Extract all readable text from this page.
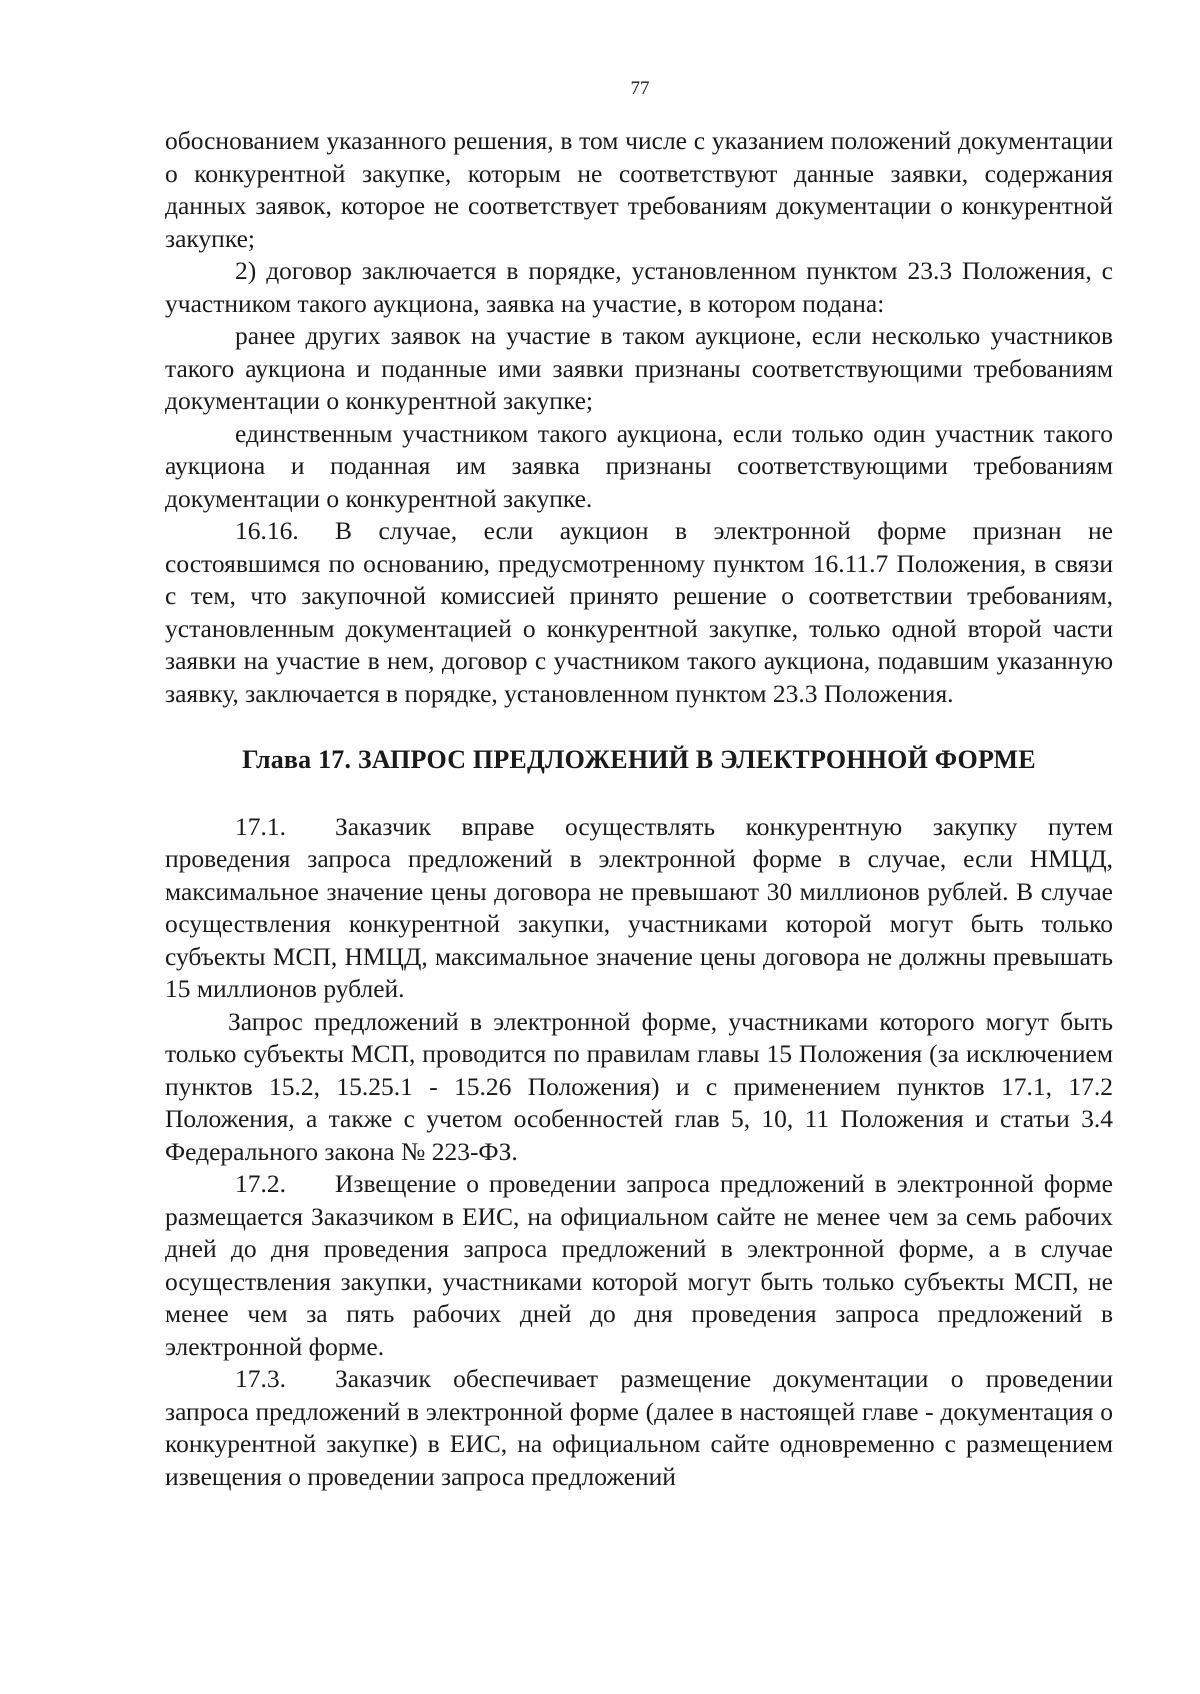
77

обоснованием указанного решения, в том числе с указанием положений документации о конкурентной закупке, которым не соответствуют данные заявки, содержания данных заявок, которое не соответствует требованиям документации о конкурентной закупке;

2) договор заключается в порядке, установленном пунктом 23.3 Положения, с участником такого аукциона, заявка на участие, в котором подана:

ранее других заявок на участие в таком аукционе, если несколько участников такого аукциона и поданные ими заявки признаны соответствующими требованиям документации о конкурентной закупке;

единственным участником такого аукциона, если только один участник такого аукциона и поданная им заявка признаны соответствующими требованиям документации о конкурентной закупке.

16.16. В случае, если аукцион в электронной форме признан не состоявшимся по основанию, предусмотренному пунктом 16.11.7 Положения, в связи с тем, что закупочной комиссией принято решение о соответствии требованиям, установленным документацией о конкурентной закупке, только одной второй части заявки на участие в нем, договор с участником такого аукциона, подавшим указанную заявку, заключается в порядке, установленном пунктом 23.3 Положения.

Глава 17. ЗАПРОС ПРЕДЛОЖЕНИЙ В ЭЛЕКТРОННОЙ ФОРМЕ

17.1. Заказчик вправе осуществлять конкурентную закупку путем проведения запроса предложений в электронной форме в случае, если НМЦД, максимальное значение цены договора не превышают 30 миллионов рублей. В случае осуществления конкурентной закупки, участниками которой могут быть только субъекты МСП, НМЦД, максимальное значение цены договора не должны превышать 15 миллионов рублей.

Запрос предложений в электронной форме, участниками которого могут быть только субъекты МСП, проводится по правилам главы 15 Положения (за исключением пунктов 15.2, 15.25.1 - 15.26 Положения) и с применением пунктов 17.1, 17.2 Положения, а также с учетом особенностей глав 5, 10, 11 Положения и статьи 3.4 Федерального закона № 223-ФЗ.

17.2. Извещение о проведении запроса предложений в электронной форме размещается Заказчиком в ЕИС, на официальном сайте не менее чем за семь рабочих дней до дня проведения запроса предложений в электронной форме, а в случае осуществления закупки, участниками которой могут быть только субъекты МСП, не менее чем за пять рабочих дней до дня проведения запроса предложений в электронной форме.

17.3. Заказчик обеспечивает размещение документации о проведении запроса предложений в электронной форме (далее в настоящей главе - документация о конкурентной закупке) в ЕИС, на официальном сайте одновременно с размещением извещения о проведении запроса предложений
